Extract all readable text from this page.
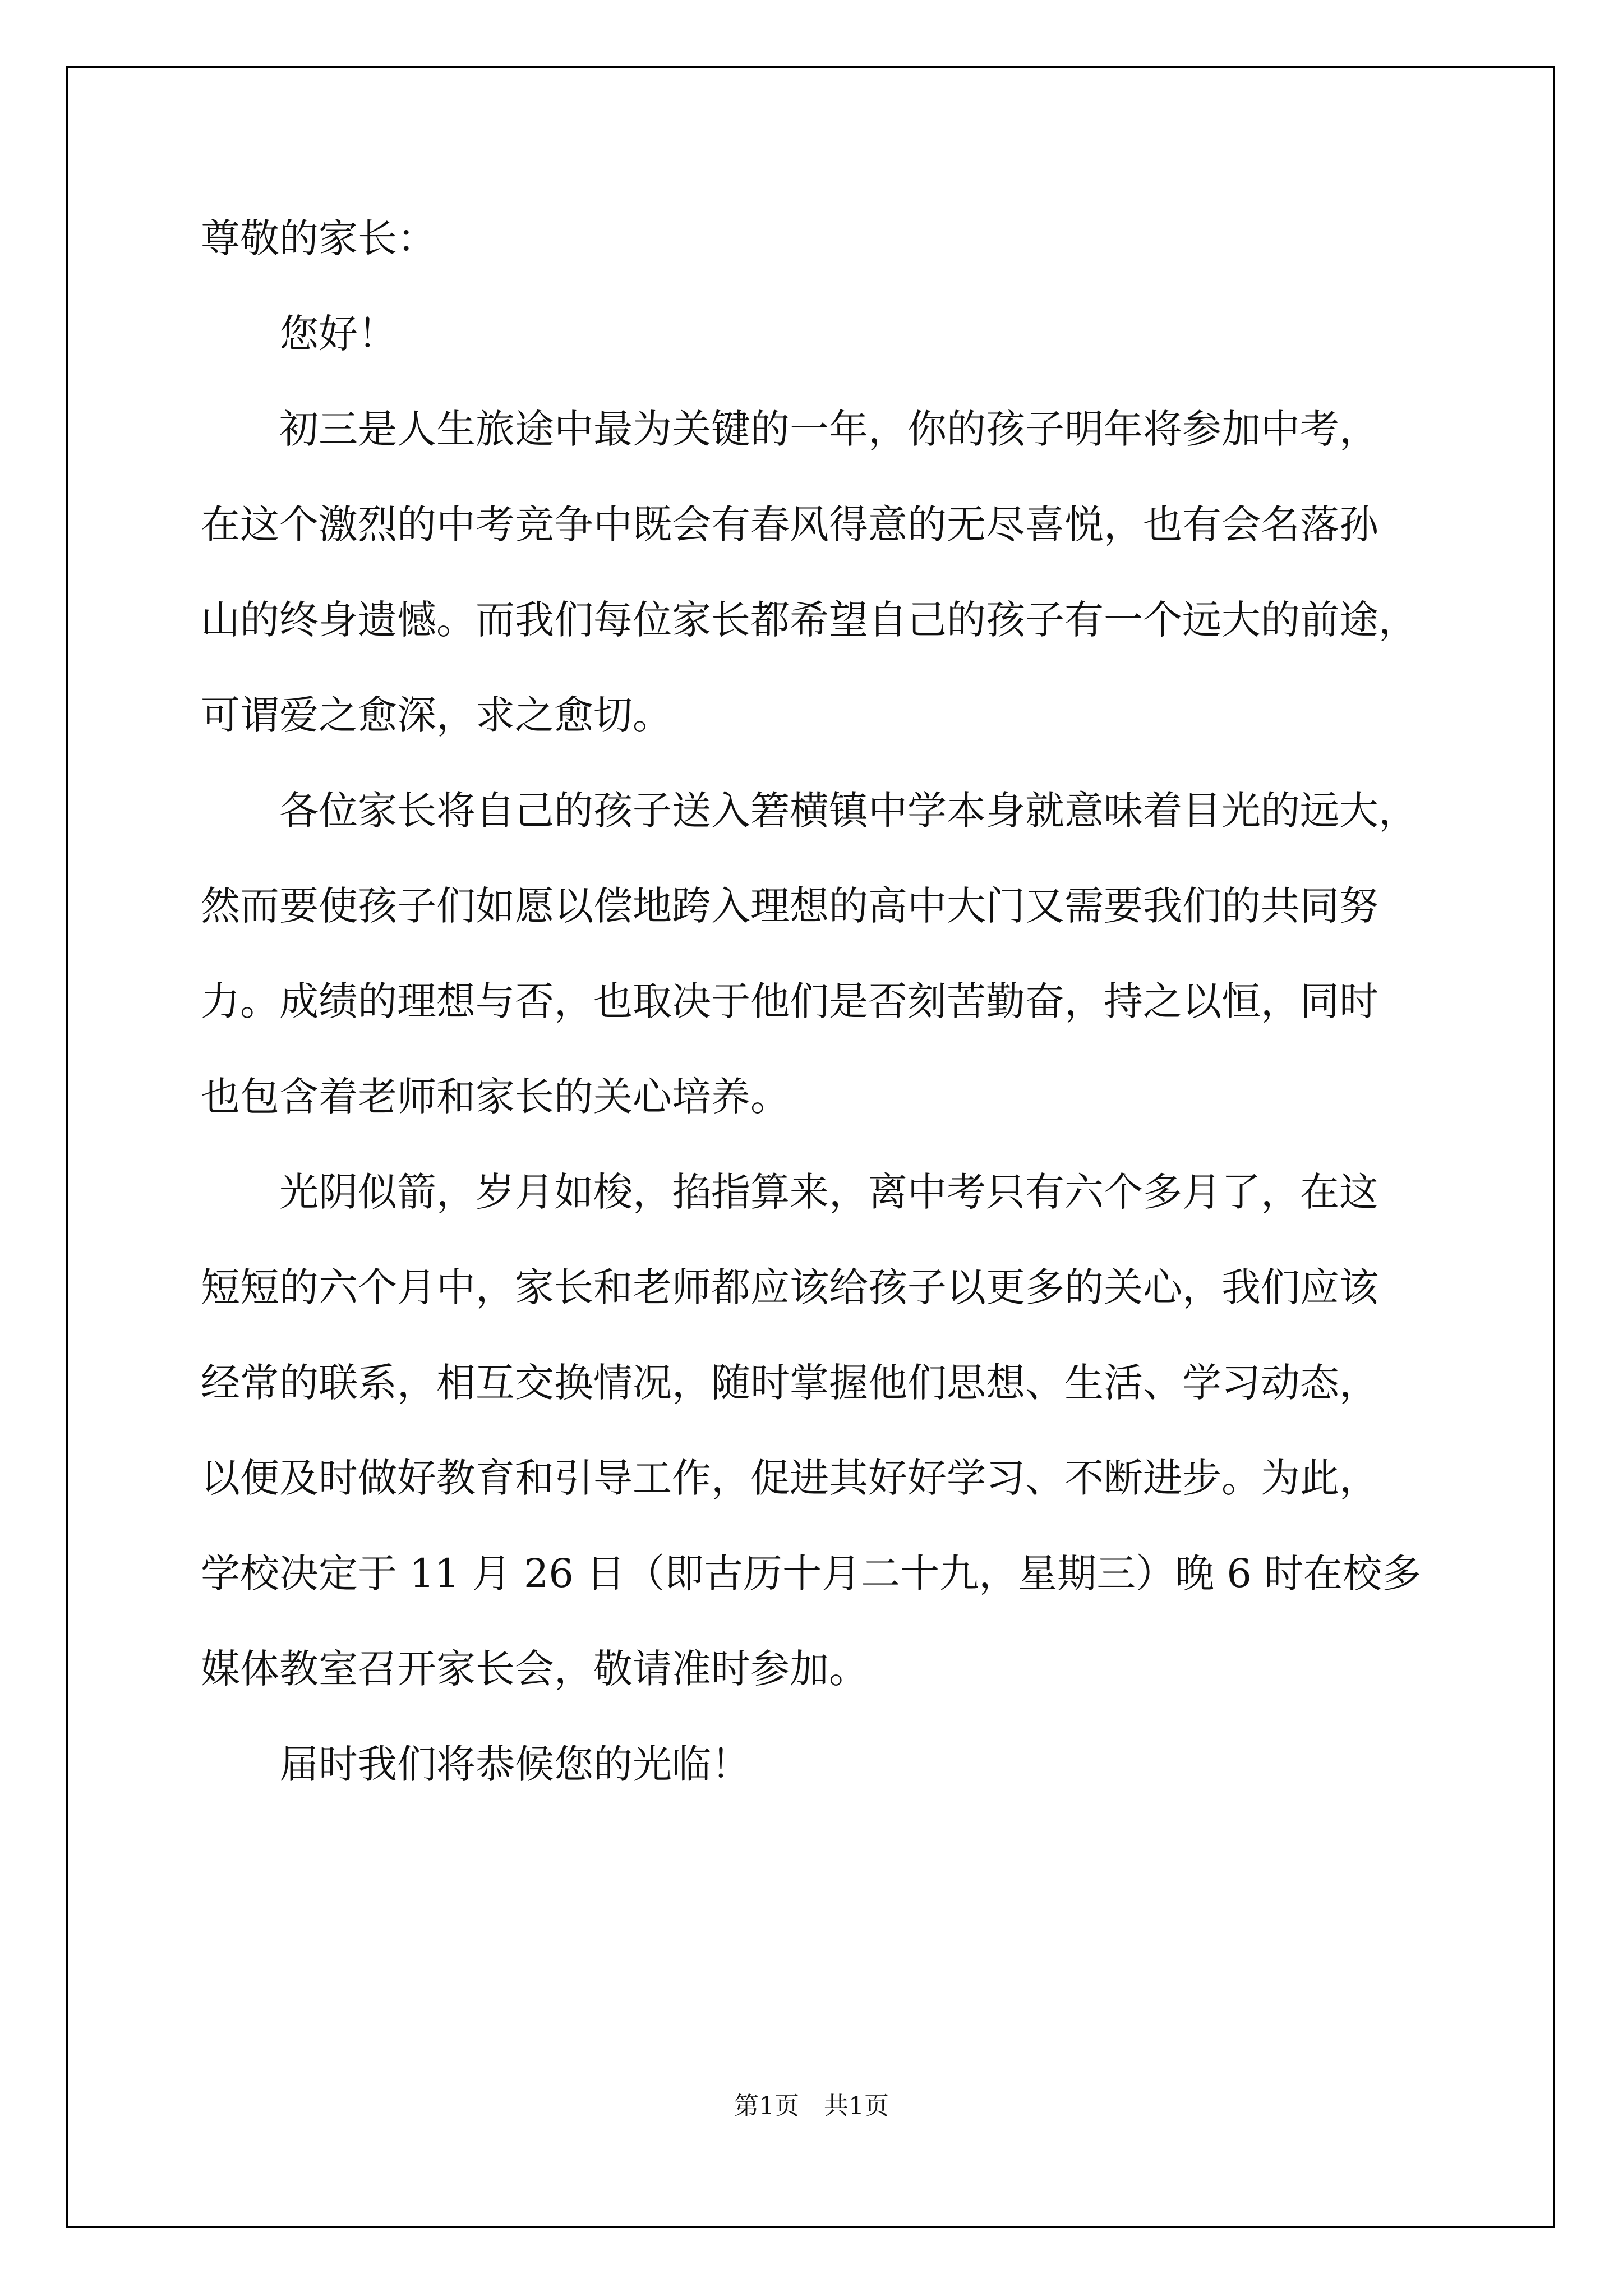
尊敬的家长：
您好！
初三是人生旅途中最为关键的一年，你的孩子明年将参加中考，
在这个激烈的中考竞争中既会有春风得意的无尽喜悦，也有会名落孙
山的终身遗憾。而我们每位家长都希望自己的孩子有一个远大的前途，
可谓爱之愈深，求之愈切。
各位家长将自己的孩子送入箬横镇中学本身就意味着目光的远大，
然而要使孩子们如愿以偿地跨入理想的高中大门又需要我们的共同努
力。成绩的理想与否，也取决于他们是否刻苦勤奋，持之以恒，同时
也包含着老师和家长的关心培养。
光阴似箭，岁月如梭，掐指算来，离中考只有六个多月了，在这
短短的六个月中，家长和老师都应该给孩子以更多的关心，我们应该
经常的联系，相互交换情况，随时掌握他们思想、生活、学习动态，
以便及时做好教育和引导工作，促进其好好学习、不断进步。为此，
学校决定于 11 月 26 日（即古历十月二十九，星期三）晚 6 时在校多
媒体教室召开家长会，敬请准时参加。
届时我们将恭候您的光临！
第1页　共1页
